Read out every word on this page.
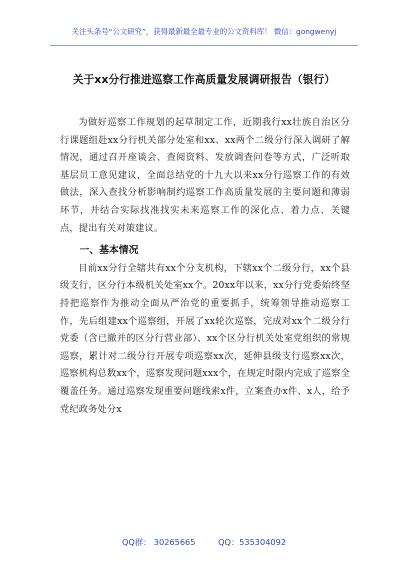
关注头条号“公文研究”，获得最新最全最专业的公文资料库！ 微信：gongwenyj
关于xx分行推进巡察工作高质量发展调研报告（银行）

为做好巡察工作规划的起草制定工作，近期我行xx壮族自治区分行课题组赴xx分行机关部分处室和xx、xx两个二级分行深入调研了解情况，通过召开座谈会、查阅资料、发放调查问卷等方式，广泛听取基层员工意见建议，全面总结党的十九大以来xx分行巡察工作的有效做法，深入查找分析影响制约巡察工作高质量发展的主要问题和薄弱环节，并结合实际找准找实未来巡察工作的深化点、着力点、关键点，提出有关对策建议。

一、基本情况

目前xx分行全辖共有xx个分支机构，下辖xx个二级分行，xx个县级支行，区分行本级机关处室xx个。20xx年以来，xx分行党委始终坚持把巡察作为推动全面从严治党的重要抓手，统筹领导推动巡察工作，先后组建xx个巡察组，开展了xx轮次巡察，完成对xx个二级分行党委（含已撤并的区分行营业部）、xx个区分行机关处室党组织的常规巡察，累计对二级分行开展专项巡察xx次，延伸县级支行巡察xx次，巡察机构总数xx个，巡察发现问题xxx个，在规定时限内完成了巡察全覆盖任务。通过巡察发现重要问题线索x件，立案查办x件、x人，给予党纪政务处分x

QQ群： 30265665	QQ：535304092
